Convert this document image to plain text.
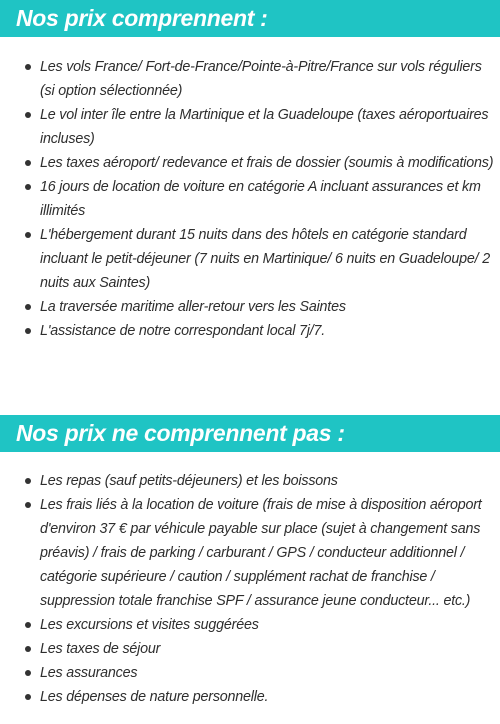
Nos prix comprennent :
Les vols France/ Fort-de-France/Pointe-à-Pitre/France sur vols réguliers (si option sélectionnée)
Le vol inter île entre la Martinique et la Guadeloupe (taxes aéroportuaires incluses)
Les taxes aéroport/ redevance et frais de dossier (soumis à modifications)
16 jours de location de voiture en catégorie A incluant assurances et km illimités
L'hébergement durant 15 nuits dans des hôtels en catégorie standard incluant le petit-déjeuner (7 nuits en Martinique/ 6 nuits en Guadeloupe/ 2 nuits aux Saintes)
La traversée maritime aller-retour vers les Saintes
L'assistance de notre correspondant local 7j/7.
Nos prix ne comprennent pas :
Les repas (sauf petits-déjeuners) et les boissons
Les frais liés à la location de voiture (frais de mise à disposition aéroport d'environ 37 € par véhicule payable sur place (sujet à changement sans préavis) / frais de parking / carburant / GPS / conducteur additionnel / catégorie supérieure / caution / supplément rachat de franchise / suppression totale franchise SPF / assurance jeune conducteur... etc.)
Les excursions et visites suggérées
Les taxes de séjour
Les assurances
Les dépenses de nature personnelle.
